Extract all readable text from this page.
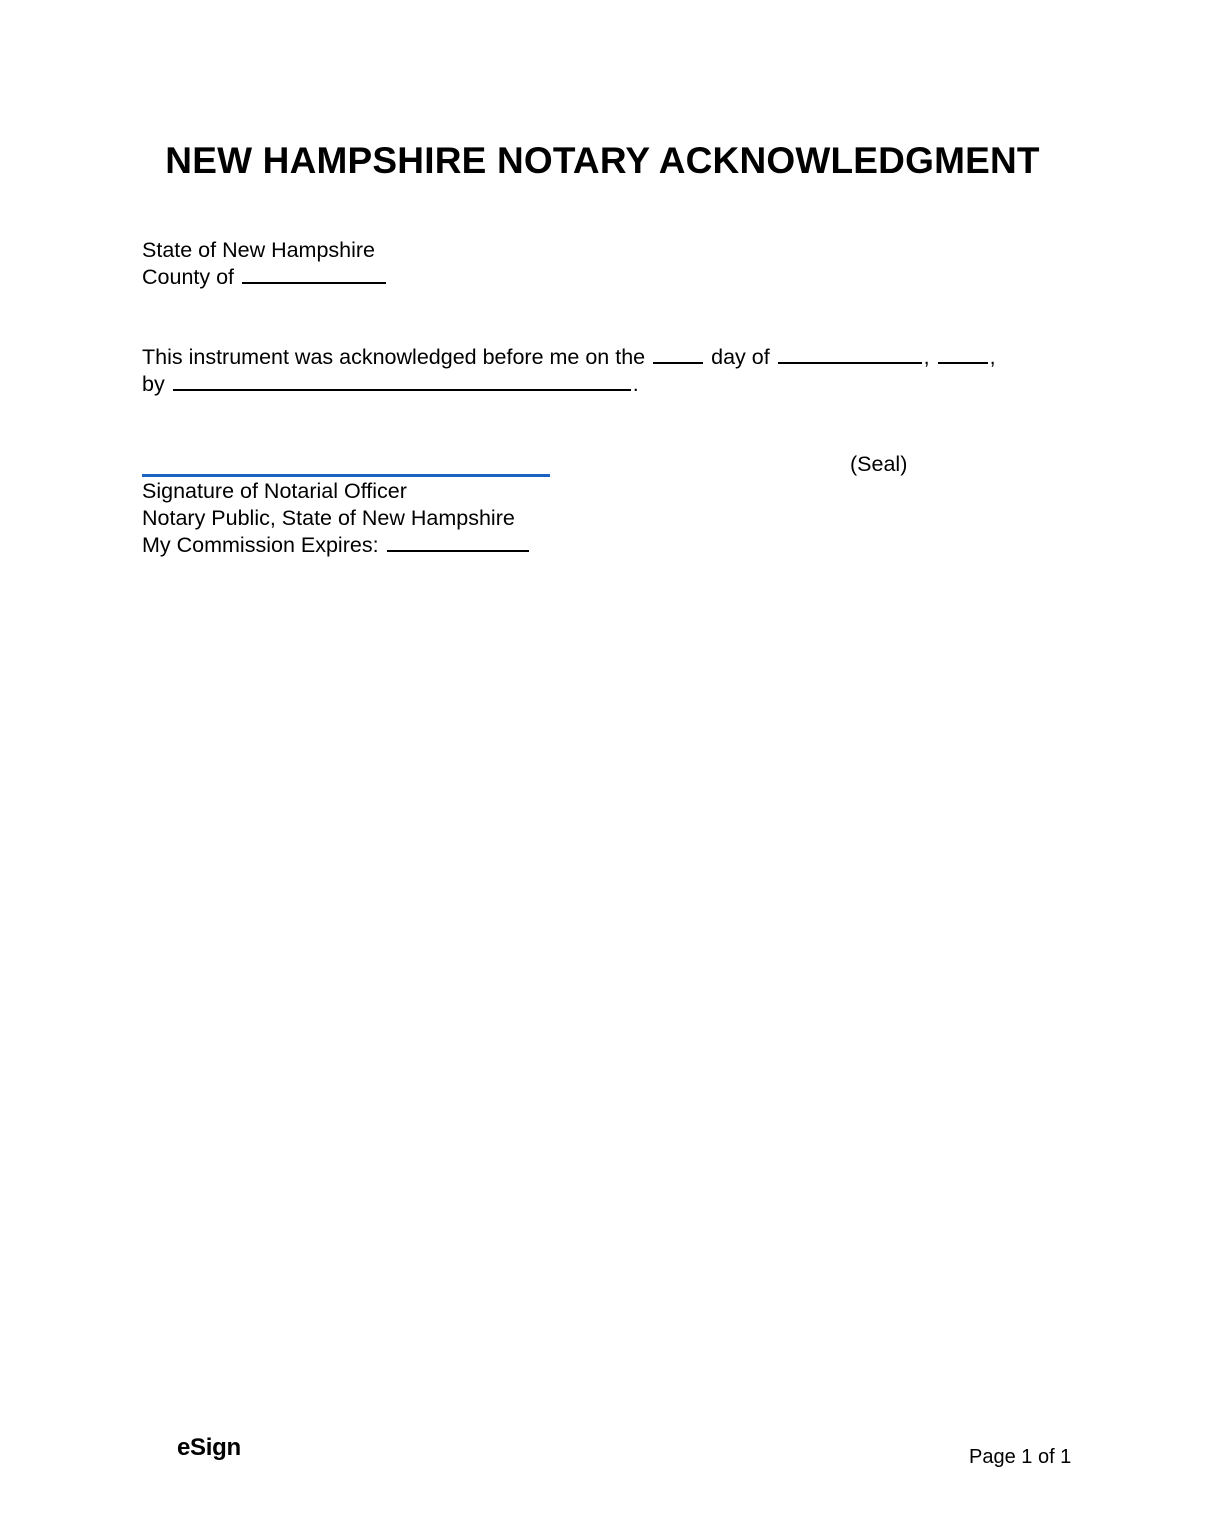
NEW HAMPSHIRE NOTARY ACKNOWLEDGMENT
State of New Hampshire
County of
This instrument was acknowledged before me on the	day of	,	,
by	.
(Seal)
Signature of Notarial Officer
Notary Public, State of New Hampshire
My Commission Expires:
eSign	Page 1 of 1
